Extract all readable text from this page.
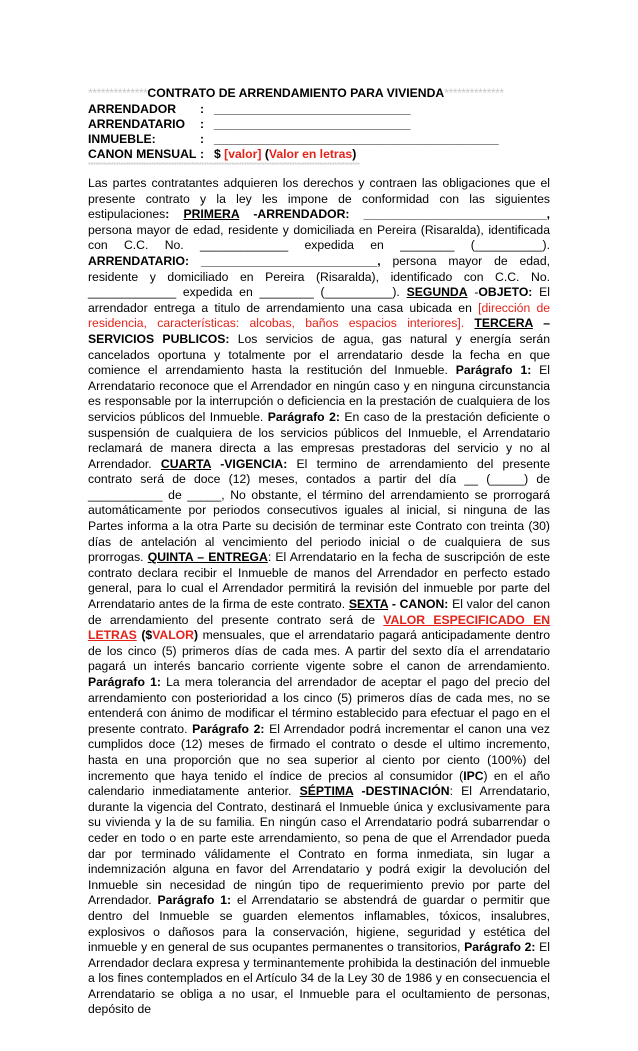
**************CONTRATO DE ARRENDAMIENTO PARA VIVIENDA**************
ARRENDADOR : _____________________________
ARRENDATARIO : _____________________________
INMUEBLE:	: __________________________________________
CANON MENSUAL : $ [valor] (Valor en letras)
************************************************************************************************************
Las partes contratantes adquieren los derechos y contraen las obligaciones que el presente contrato y la ley les impone de conformidad con las siguientes estipulaciones: PRIMERA -ARRENDADOR: ___________________________, persona mayor de edad, residente y domiciliada en Pereira (Risaralda), identificada con C.C. No. _____________ expedida en ________ (__________). ARRENDATARIO: __________________________, persona mayor de edad, residente y domiciliado en Pereira (Risaralda), identificado con C.C. No. _____________ expedida en ________ (__________). SEGUNDA -OBJETO: El arrendador entrega a titulo de arrendamiento una casa ubicada en [dirección de residencia, características: alcobas, baños espacios interiores]. TERCERA – SERVICIOS PUBLICOS: Los servicios de agua, gas natural y energía serán cancelados oportuna y totalmente por el arrendatario desde la fecha en que comience el arrendamiento hasta la restitución del Inmueble. Parágrafo 1: El Arrendatario reconoce que el Arrendador en ningún caso y en ninguna circunstancia es responsable por la interrupción o deficiencia en la prestación de cualquiera de los servicios públicos del Inmueble. Parágrafo 2: En caso de la prestación deficiente o suspensión de cualquiera de los servicios públicos del Inmueble, el Arrendatario reclamará de manera directa a las empresas prestadoras del servicio y no al Arrendador. CUARTA -VIGENCIA: El termino de arrendamiento del presente contrato será de doce (12) meses, contados a partir del día __ (_____) de ___________ de _____, No obstante, el término del arrendamiento se prorrogará automáticamente por periodos consecutivos iguales al inicial, si ninguna de las Partes informa a la otra Parte su decisión de terminar este Contrato con treinta (30) días de antelación al vencimiento del periodo inicial o de cualquiera de sus prorrogas. QUINTA – ENTREGA: El Arrendatario en la fecha de suscripción de este contrato declara recibir el Inmueble de manos del Arrendador en perfecto estado general, para lo cual el Arrendador permitirá la revisión del inmueble por parte del Arrendatario antes de la firma de este contrato. SEXTA - CANON: El valor del canon de arrendamiento del presente contrato será de VALOR ESPECIFICADO EN LETRAS ($VALOR) mensuales, que el arrendatario pagará anticipadamente dentro de los cinco (5) primeros días de cada mes. A partir del sexto día el arrendatario pagará un interés bancario corriente vigente sobre el canon de arrendamiento. Parágrafo 1: La mera tolerancia del arrendador de aceptar el pago del precio del arrendamiento con posterioridad a los cinco (5) primeros días de cada mes, no se entenderá con ánimo de modificar el término establecido para efectuar el pago en el presente contrato. Parágrafo 2: El Arrendador podrá incrementar el canon una vez cumplidos doce (12) meses de firmado el contrato o desde el ultimo incremento, hasta en una proporción que no sea superior al ciento por ciento (100%) del incremento que haya tenido el índice de precios al consumidor (IPC) en el año calendario inmediatamente anterior. SÉPTIMA -DESTINACIÓN: El Arrendatario, durante la vigencia del Contrato, destinará el Inmueble única y exclusivamente para su vivienda y la de su familia. En ningún caso el Arrendatario podrá subarrendar o ceder en todo o en parte este arrendamiento, so pena de que el Arrendador pueda dar por terminado válidamente el Contrato en forma inmediata, sin lugar a indemnización alguna en favor del Arrendatario y podrá exigir la devolución del Inmueble sin necesidad de ningún tipo de requerimiento previo por parte del Arrendador. Parágrafo 1: el Arrendatario se abstendrá de guardar o permitir que dentro del Inmueble se guarden elementos inflamables, tóxicos, insalubres, explosivos o dañosos para la conservación, higiene, seguridad y estética del inmueble y en general de sus ocupantes permanentes o transitorios, Parágrafo 2: El Arrendador declara expresa y terminantemente prohibida la destinación del inmueble a los fines contemplados en el Artículo 34 de la Ley 30 de 1986 y en consecuencia el Arrendatario se obliga a no usar, el Inmueble para el ocultamiento de personas, depósito de
